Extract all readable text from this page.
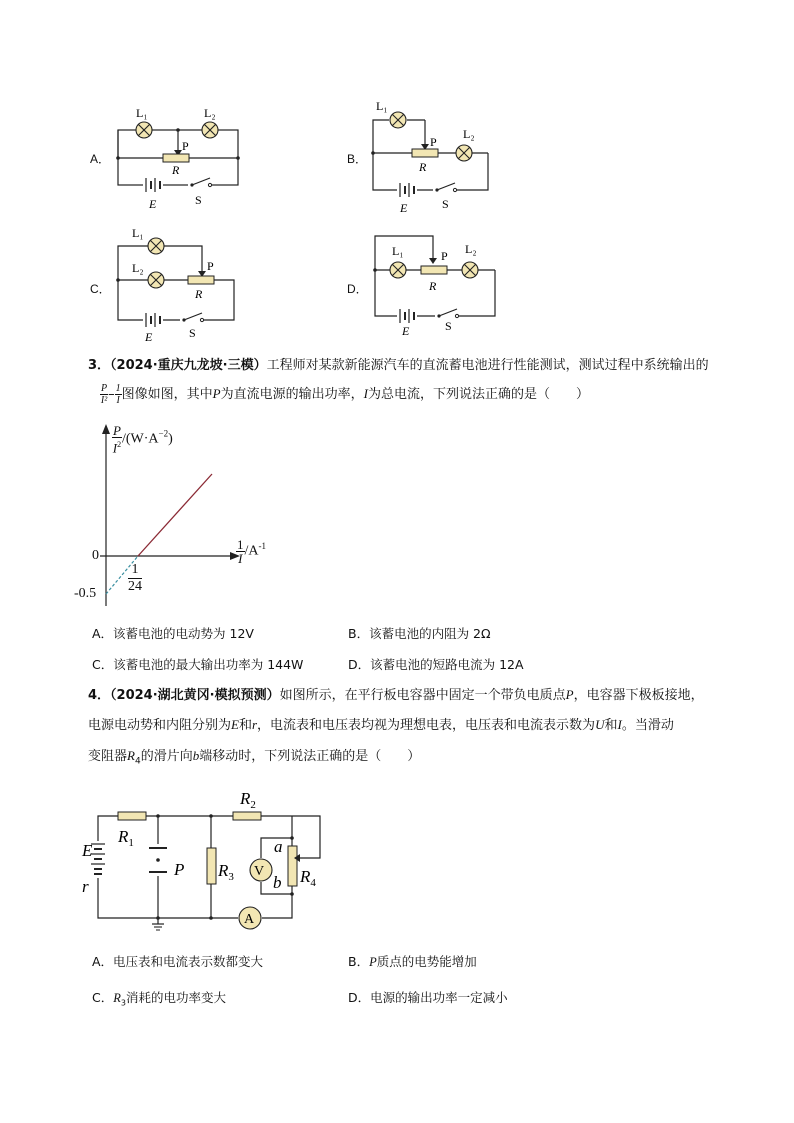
A．
L₁	L₂
P
R
E	S
B．
L₁
L₂
P
R
E	S
C．
L₁
L₂	P
R
E	S
D．
L₁	L₂
P
R
E	S
3．（2024·重庆九龙坡·三模）工程师对某款新能源汽车的直流蓄电池进行性能测试，测试过程中系统输出的
$\frac{P}{\text{I²}} - \frac{1}{I}$ 图像如图，其中P为直流电源的输出功率，I为总电流，下列说法正确的是（　　）
$\frac{P}{I^2} /(W\cdot A^{-2})$
$\frac{1}{I} /A^{-1}$
0
$-0.5 \frac{1}{24}$
A．该蓄电池的电动势为 12V	B．该蓄电池的内阻为 2Ω
C．该蓄电池的最大输出功率为 144W	D．该蓄电池的短路电流为 12A
4．（2024·湖北黄冈·模拟预测）如图所示，在平行板电容器中固定一个带负电质点P，电容器下极板接地，
电源电动势和内阻分别为E和r，电流表和电压表均视为理想电表，电压表和电流表示数为U和I。当滑动
变阻器$R_4$的滑片向b端移动时，下列说法正确的是（　　）
V
A
E
r
$R_1$
$R_2$
$R_3$	$R_4$
P
a
b
A．电压表和电流表示数都变大	B．P质点的电势能增加
C．$R_3$消耗的电功率变大	D．电源的输出功率一定减小
